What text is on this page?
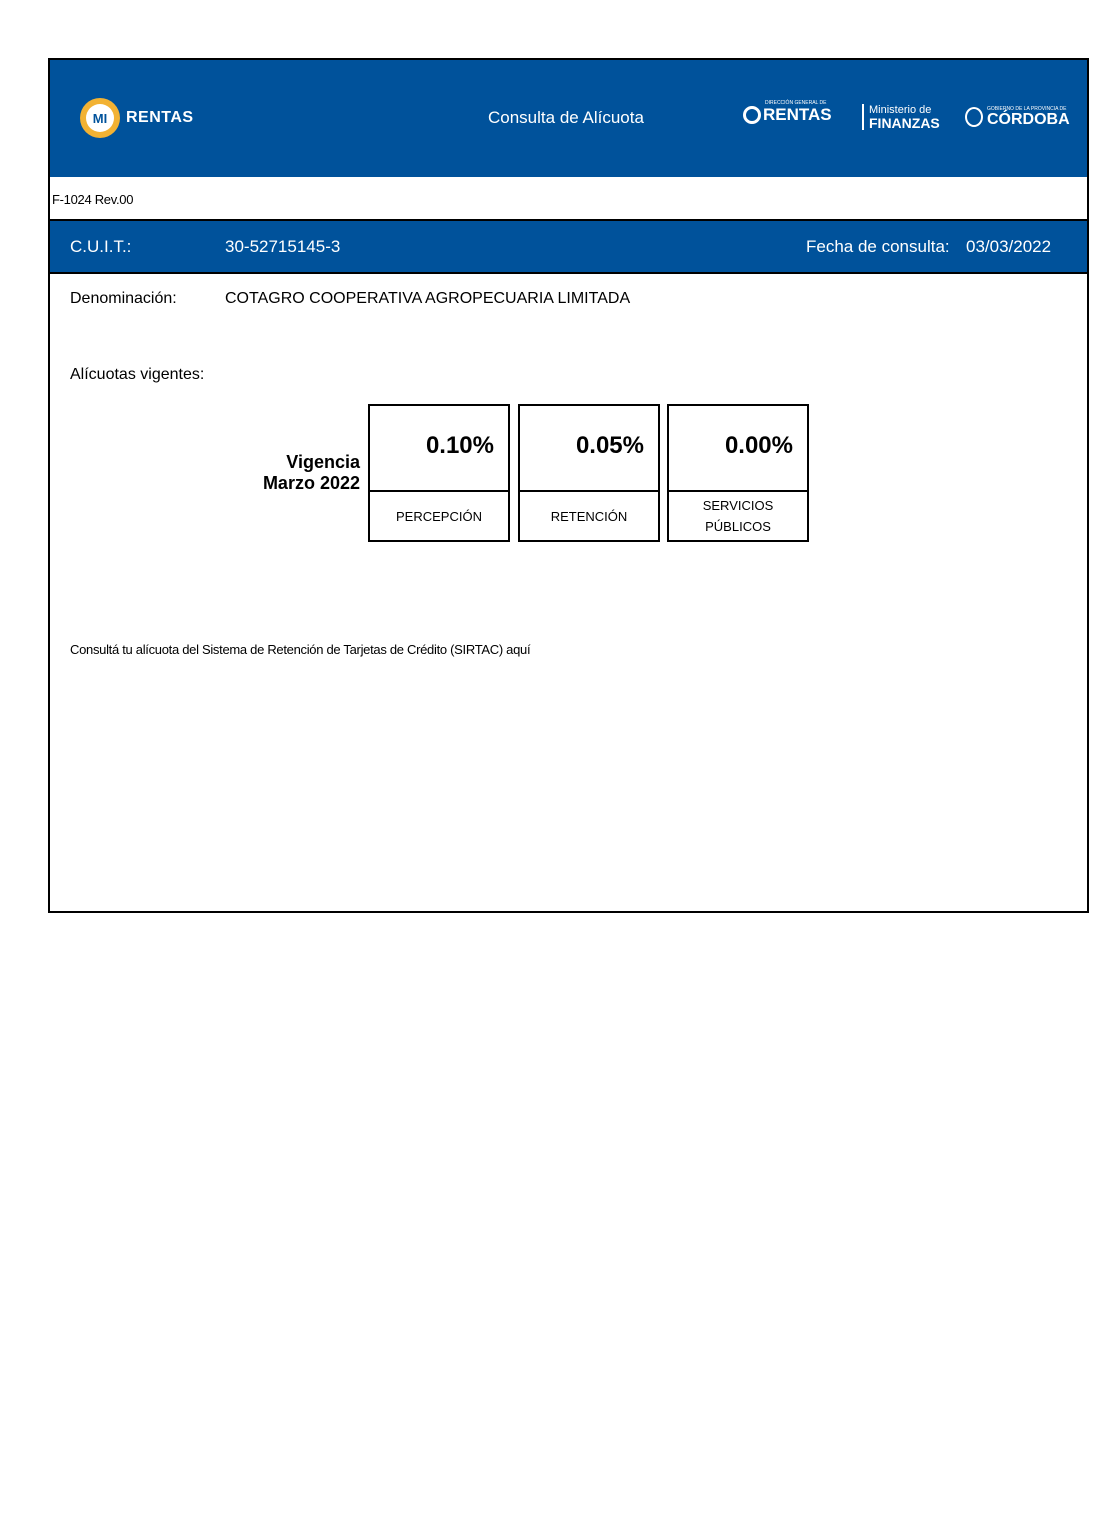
MI	RENTAS	Consulta de Alícuota
DIRECCIÓN GENERAL DE
RENTAS	Ministerio de
FINANZAS
GOBIERNO DE LA PROVINCIA DE
CÓRDOBA
F-1024 Rev.00
C.U.I.T.:	30-52715145-3	Fecha de consulta: 03/03/2022
Denominación:	COTAGRO COOPERATIVA AGROPECUARIA LIMITADA
Alícuotas vigentes:
Vigencia
Marzo 2022
0.10%
PERCEPCIÓN
0.05%
RETENCIÓN
0.00%
SERVICIOS
PÚBLICOS
Consultá tu alícuota del Sistema de Retención de Tarjetas de Crédito (SIRTAC) aquí
